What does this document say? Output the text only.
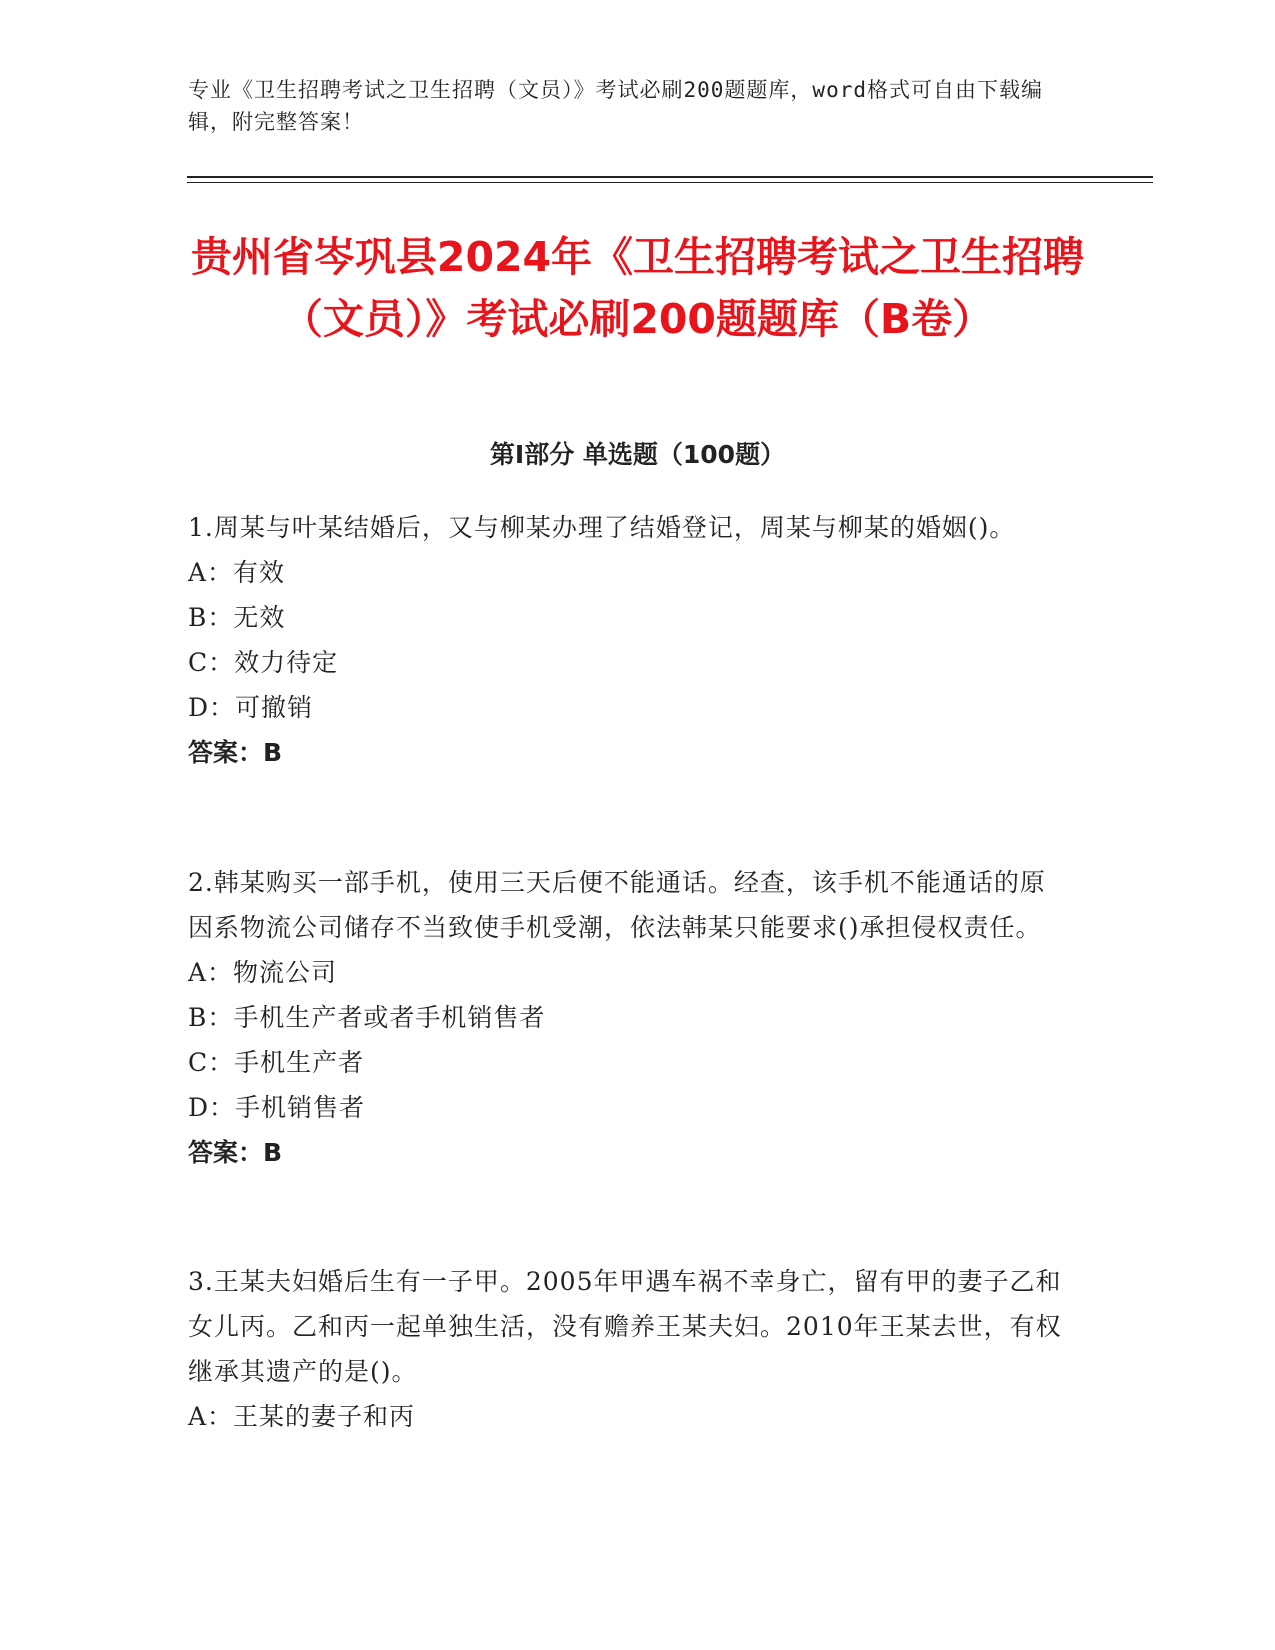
专业《卫生招聘考试之卫生招聘（文员）》考试必刷200题题库，word格式可自由下载编辑，附完整答案！
贵州省岑巩县2024年《卫生招聘考试之卫生招聘（文员）》考试必刷200题题库（B卷）
第Ⅰ部分 单选题（100题）
1.周某与叶某结婚后，又与柳某办理了结婚登记，周某与柳某的婚姻()。
A：有效
B：无效
C：效力待定
D：可撤销
答案：B
2.韩某购买一部手机，使用三天后便不能通话。经查，该手机不能通话的原因系物流公司储存不当致使手机受潮，依法韩某只能要求()承担侵权责任。
A：物流公司
B：手机生产者或者手机销售者
C：手机生产者
D：手机销售者
答案：B
3.王某夫妇婚后生有一子甲。2005年甲遇车祸不幸身亡，留有甲的妻子乙和女儿丙。乙和丙一起单独生活，没有赡养王某夫妇。2010年王某去世，有权继承其遗产的是()。
A：王某的妻子和丙
